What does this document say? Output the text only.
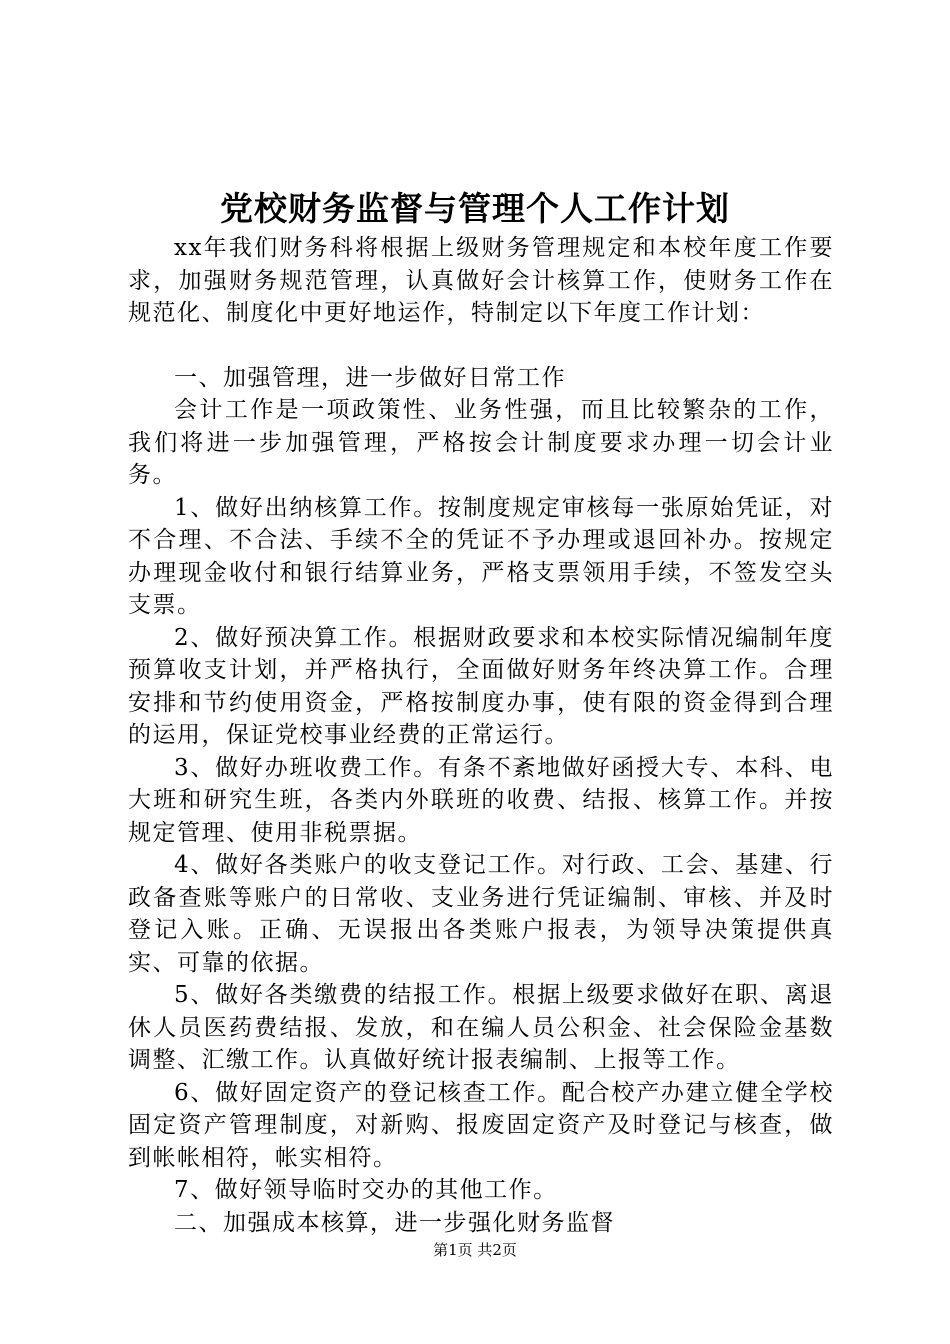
党校财务监督与管理个人工作计划

xx年我们财务科将根据上级财务管理规定和本校年度工作要求，加强财务规范管理，认真做好会计核算工作，使财务工作在规范化、制度化中更好地运作，特制定以下年度工作计划：

一、加强管理，进一步做好日常工作

会计工作是一项政策性、业务性强，而且比较繁杂的工作，我们将进一步加强管理，严格按会计制度要求办理一切会计业务。

1、做好出纳核算工作。按制度规定审核每一张原始凭证，对不合理、不合法、手续不全的凭证不予办理或退回补办。按规定办理现金收付和银行结算业务，严格支票领用手续，不签发空头支票。

2、做好预决算工作。根据财政要求和本校实际情况编制年度预算收支计划，并严格执行，全面做好财务年终决算工作。合理安排和节约使用资金，严格按制度办事，使有限的资金得到合理的运用，保证党校事业经费的正常运行。

3、做好办班收费工作。有条不紊地做好函授大专、本科、电大班和研究生班，各类内外联班的收费、结报、核算工作。并按规定管理、使用非税票据。

4、做好各类账户的收支登记工作。对行政、工会、基建、行政备查账等账户的日常收、支业务进行凭证编制、审核、并及时登记入账。正确、无误报出各类账户报表，为领导决策提供真实、可靠的依据。

5、做好各类缴费的结报工作。根据上级要求做好在职、离退休人员医药费结报、发放，和在编人员公积金、社会保险金基数调整、汇缴工作。认真做好统计报表编制、上报等工作。

6、做好固定资产的登记核查工作。配合校产办建立健全学校固定资产管理制度，对新购、报废固定资产及时登记与核查，做到帐帐相符，帐实相符。

7、做好领导临时交办的其他工作。

二、加强成本核算，进一步强化财务监督

第1页 共2页
